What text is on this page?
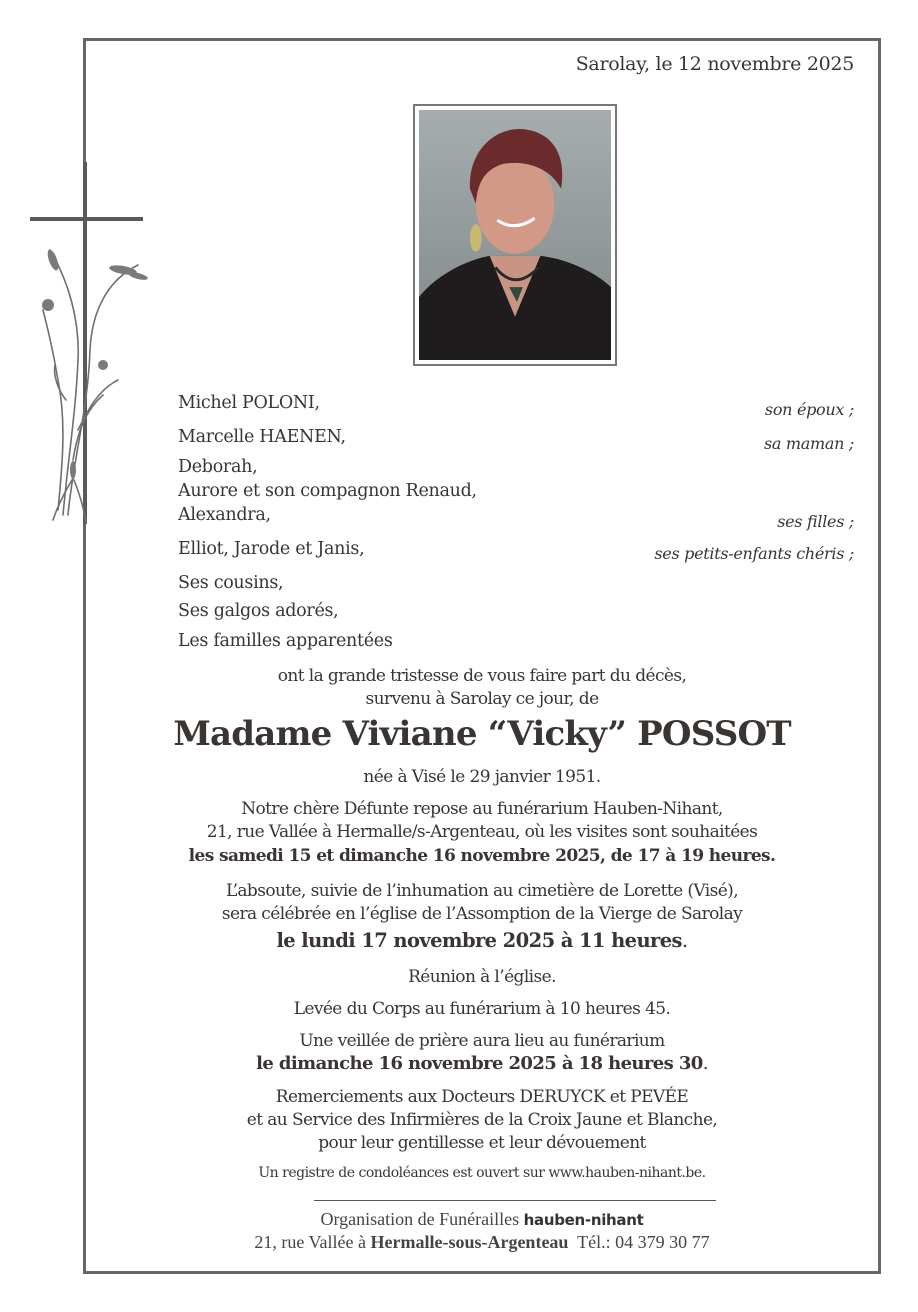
Sarolay, le 12 novembre 2025
Michel POLONI,	son époux ;
Marcelle HAENEN,	sa maman ;
Deborah,
Aurore et son compagnon Renaud,
Alexandra,	ses filles ;
Elliot, Jarode et Janis,	ses petits-enfants chéris ;
Ses cousins,
Ses galgos adorés,
Les familles apparentées
ont la grande tristesse de vous faire part du décès,
survenu à Sarolay ce jour, de
Madame Viviane “Vicky” POSSOT
née à Visé le 29 janvier 1951.
Notre chère Défunte repose au funérarium Hauben-Nihant,
21, rue Vallée à Hermalle/s-Argenteau, où les visites sont souhaitées
les samedi 15 et dimanche 16 novembre 2025, de 17 à 19 heures.
L’absoute, suivie de l’inhumation au cimetière de Lorette (Visé),
sera célébrée en l’église de l’Assomption de la Vierge de Sarolay
le lundi 17 novembre 2025 à 11 heures.
Réunion à l’église.
Levée du Corps au funérarium à 10 heures 45.
Une veillée de prière aura lieu au funérarium
le dimanche 16 novembre 2025 à 18 heures 30.
Remerciements aux Docteurs DERUYCK et PEVÉE
et au Service des Infirmières de la Croix Jaune et Blanche,
pour leur gentillesse et leur dévouement
Un registre de condoléances est ouvert sur www.hauben-nihant.be.
Organisation de Funérailles hauben-nihant
21, rue Vallée à Hermalle-sous-Argenteau  Tél.: 04 379 30 77
